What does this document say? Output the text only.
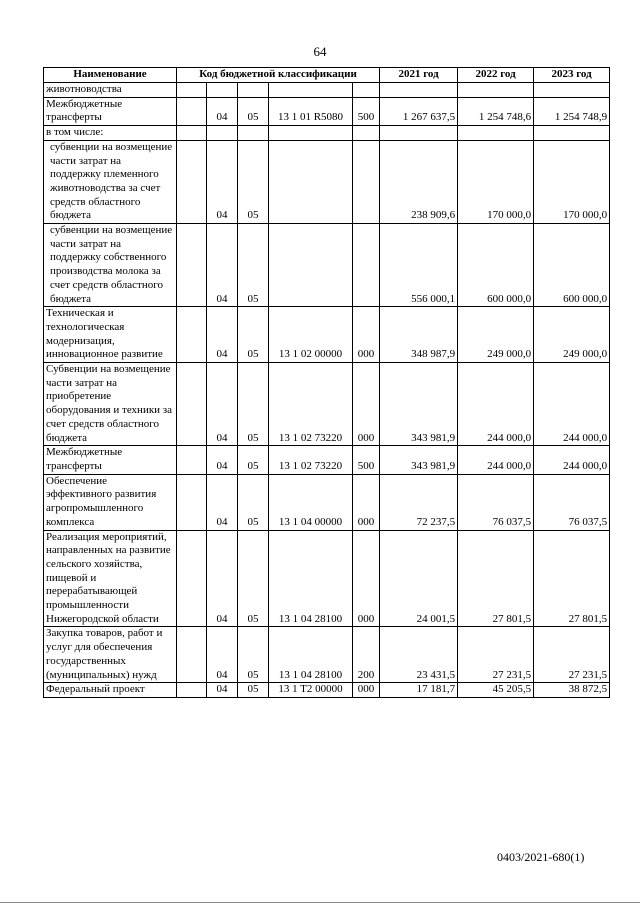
64
Наименование	Код бюджетной классификации					2021 год	2022 год	2023 год
животноводства								
Межбюджетные трансферты		04	05	13 1 01 R5080	500	1 267 637,5	1 254 748,6	1 254 748,9
в том числе:								
субвенции на возмещение части затрат на поддержку племенного животноводства за счет средств областного бюджета		04	05			238 909,6	170 000,0	170 000,0
субвенции на возмещение части затрат на поддержку собственного производства молока за счет средств областного бюджета		04	05			556 000,1	600 000,0	600 000,0
Техническая и технологическая модернизация, инновационное развитие		04	05	13 1 02 00000	000	348 987,9	249 000,0	249 000,0
Субвенции на возмещение части затрат на приобретение оборудования и техники за счет средств областного бюджета		04	05	13 1 02 73220	000	343 981,9	244 000,0	244 000,0
Межбюджетные трансферты		04	05	13 1 02 73220	500	343 981,9	244 000,0	244 000,0
Обеспечение эффективного развития агропромышленного комплекса		04	05	13 1 04 00000	000	72 237,5	76 037,5	76 037,5
Реализация мероприятий, направленных на развитие сельского хозяйства, пищевой и перерабатывающей промышленности Нижегородской области		04	05	13 1 04 28100	000	24 001,5	27 801,5	27 801,5
Закупка товаров, работ и услуг для обеспечения государственных (муниципальных) нужд		04	05	13 1 04 28100	200	23 431,5	27 231,5	27 231,5
Федеральный проект		04	05	13 1 T2 00000	000	17 181,7	45 205,5	38 872,5
0403/2021-680(1)
